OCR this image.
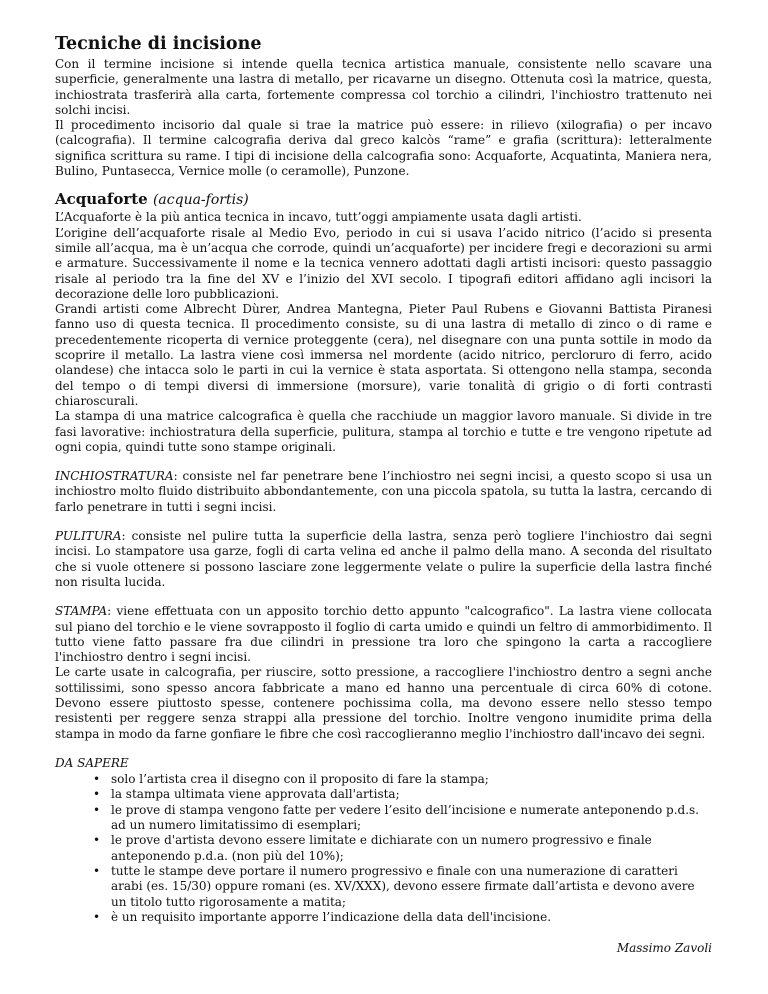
Tecniche di incisione

Con il termine incisione si intende quella tecnica artistica manuale, consistente nello scavare una superficie, generalmente una lastra di metallo, per ricavarne un disegno. Ottenuta così la matrice, questa, inchiostrata trasferirà alla carta, fortemente compressa col torchio a cilindri, l'inchiostro trattenuto nei solchi incisi.

Il procedimento incisorio dal quale si trae la matrice può essere: in rilievo (xilografia) o per incavo (calcografia). Il termine calcografia deriva dal greco kalcòs “rame” e grafia (scrittura): letteralmente significa scrittura su rame. I tipi di incisione della calcografia sono: Acquaforte, Acquatinta, Maniera nera, Bulino, Puntasecca, Vernice molle (o ceramolle), Punzone.

Acquaforte (acqua-fortis)

L’Acquaforte è la più antica tecnica in incavo, tutt’oggi ampiamente usata dagli artisti.

L’origine dell’acquaforte risale al Medio Evo, periodo in cui si usava l’acido nitrico (l’acido si presenta simile all’acqua, ma è un’acqua che corrode, quindi un’acquaforte) per incidere fregi e decorazioni su armi e armature. Successivamente il nome e la tecnica vennero adottati dagli artisti incisori: questo passaggio risale al periodo tra la fine del XV e l’inizio del XVI secolo. I tipografi editori affidano agli incisori la decorazione delle loro pubblicazioni.

Grandi artisti come Albrecht Dùrer, Andrea Mantegna, Pieter Paul Rubens e Giovanni Battista Piranesi fanno uso di questa tecnica. Il procedimento consiste, su di una lastra di metallo di zinco o di rame e precedentemente ricoperta di vernice proteggente (cera), nel disegnare con una punta sottile in modo da scoprire il metallo. La lastra viene così immersa nel mordente (acido nitrico, percloruro di ferro, acido olandese) che intacca solo le parti in cui la vernice è stata asportata. Si ottengono nella stampa, seconda del tempo o di tempi diversi di immersione (morsure), varie tonalità di grigio o di forti contrasti chiaroscurali.

La stampa di una matrice calcografica è quella che racchiude un maggior lavoro manuale. Si divide in tre fasi lavorative: inchiostratura della superficie, pulitura, stampa al torchio e tutte e tre vengono ripetute ad ogni copia, quindi tutte sono stampe originali.

INCHIOSTRATURA: consiste nel far penetrare bene l’inchiostro nei segni incisi, a questo scopo si usa un inchiostro molto fluido distribuito abbondantemente, con una piccola spatola, su tutta la lastra, cercando di farlo penetrare in tutti i segni incisi.

PULITURA: consiste nel pulire tutta la superficie della lastra, senza però togliere l'inchiostro dai segni incisi. Lo stampatore usa garze, fogli di carta velina ed anche il palmo della mano. A seconda del risultato che si vuole ottenere si possono lasciare zone leggermente velate o pulire la superficie della lastra finché non risulta lucida.

STAMPA: viene effettuata con un apposito torchio detto appunto "calcografico". La lastra viene collocata sul piano del torchio e le viene sovrapposto il foglio di carta umido e quindi un feltro di ammorbidimento. Il tutto viene fatto passare fra due cilindri in pressione tra loro che spingono la carta a raccogliere l'inchiostro dentro i segni incisi.

Le carte usate in calcografia, per riuscire, sotto pressione, a raccogliere l'inchiostro dentro a segni anche sottilissimi, sono spesso ancora fabbricate a mano ed hanno una percentuale di circa 60% di cotone. Devono essere piuttosto spesse, contenere pochissima colla, ma devono essere nello stesso tempo resistenti per reggere senza strappi alla pressione del torchio. Inoltre vengono inumidite prima della stampa in modo da farne gonfiare le fibre che così raccoglieranno meglio l'inchiostro dall'incavo dei segni.

DA SAPERE
• solo l’artista crea il disegno con il proposito di fare la stampa;
• la stampa ultimata viene approvata dall'artista;
• le prove di stampa vengono fatte per vedere l’esito dell’incisione e numerate anteponendo p.d.s. ad un numero limitatissimo di esemplari;
• le prove d'artista devono essere limitate e dichiarate con un numero progressivo e finale anteponendo p.d.a. (non più del 10%);
• tutte le stampe deve portare il numero progressivo e finale con una numerazione di caratteri arabi (es. 15/30) oppure romani (es. XV/XXX), devono essere firmate dall’artista e devono avere un titolo tutto rigorosamente a matita;
• è un requisito importante apporre l’indicazione della data dell'incisione.
Massimo Zavoli
